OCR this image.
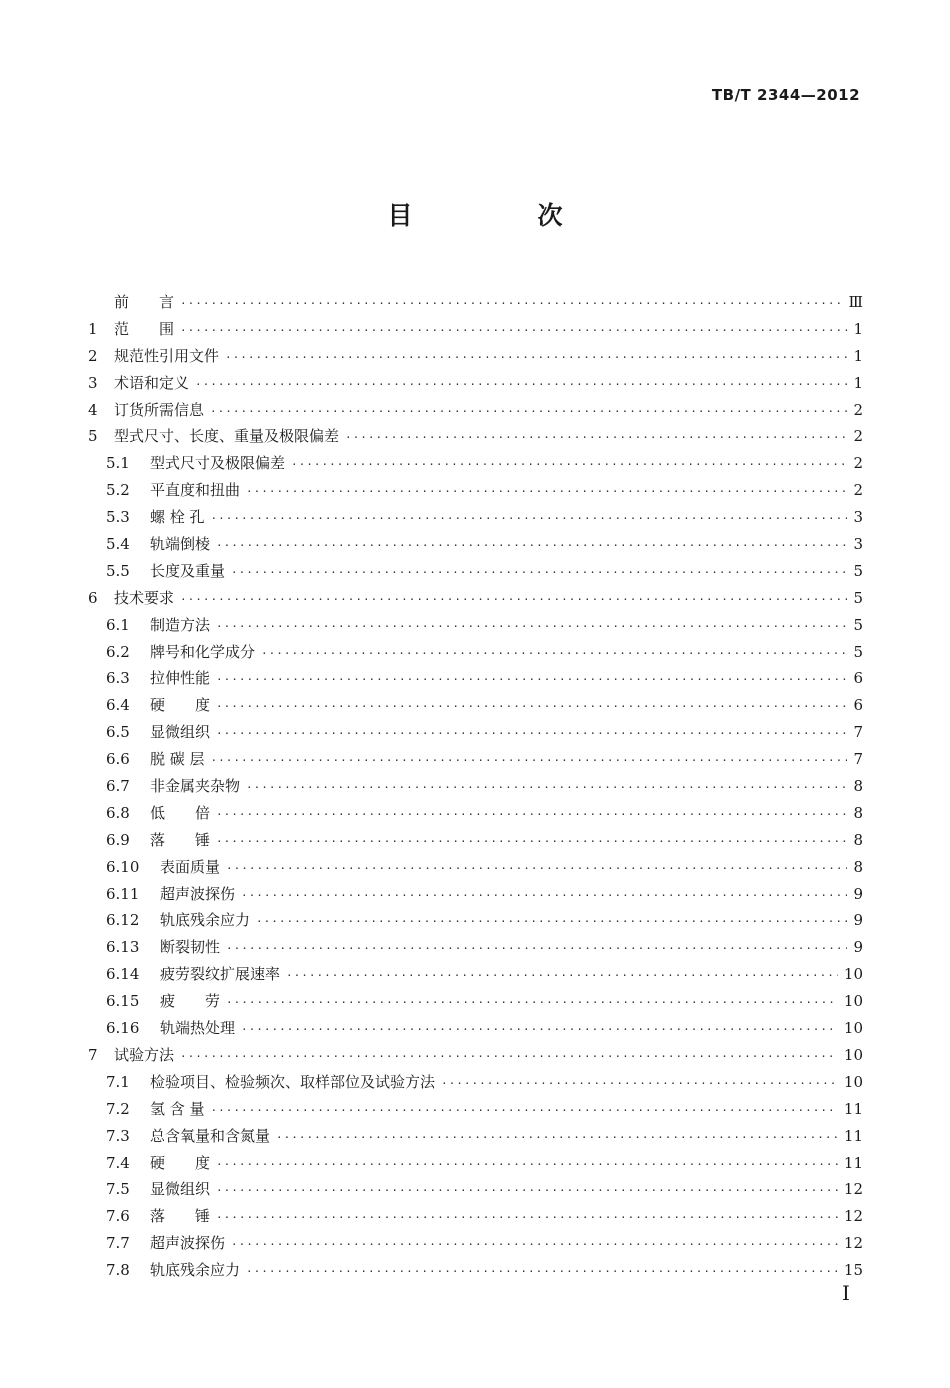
TB/T 2344—2012
目　次
前　　言 ·····	Ⅲ
1	范　　围 ·····	1
2	规范性引用文件 ·····	1
3	术语和定义 ·····	1
4	订货所需信息 ·····	2
5	型式尺寸、长度、重量及极限偏差 ·····	2
5.1	型式尺寸及极限偏差 ·····	2
5.2	平直度和扭曲 ·····	2
5.3	螺 栓 孔 ·····	3
5.4	轨端倒棱 ·····	3
5.5	长度及重量 ·····	5
6	技术要求 ·····	5
6.1	制造方法 ·····	5
6.2	牌号和化学成分 ·····	5
6.3	拉伸性能 ·····	6
6.4	硬　　度 ·····	6
6.5	显微组织 ·····	7
6.6	脱 碳 层 ·····	7
6.7	非金属夹杂物 ·····	8
6.8	低　　倍 ·····	8
6.9	落　　锤 ·····	8
6.10	表面质量 ·····	8
6.11	超声波探伤 ·····	9
6.12	轨底残余应力 ·····	9
6.13	断裂韧性 ·····	9
6.14	疲劳裂纹扩展速率 ·····	10
6.15	疲　　劳 ·····	10
6.16	轨端热处理 ·····	10
7	试验方法 ·····	10
7.1	检验项目、检验频次、取样部位及试验方法 ·····	10
7.2	氢 含 量 ·····	11
7.3	总含氧量和含氮量 ·····	11
7.4	硬　　度 ·····	11
7.5	显微组织 ·····	12
7.6	落　　锤 ·····	12
7.7	超声波探伤 ·····	12
7.8	轨底残余应力 ·····	15
I
